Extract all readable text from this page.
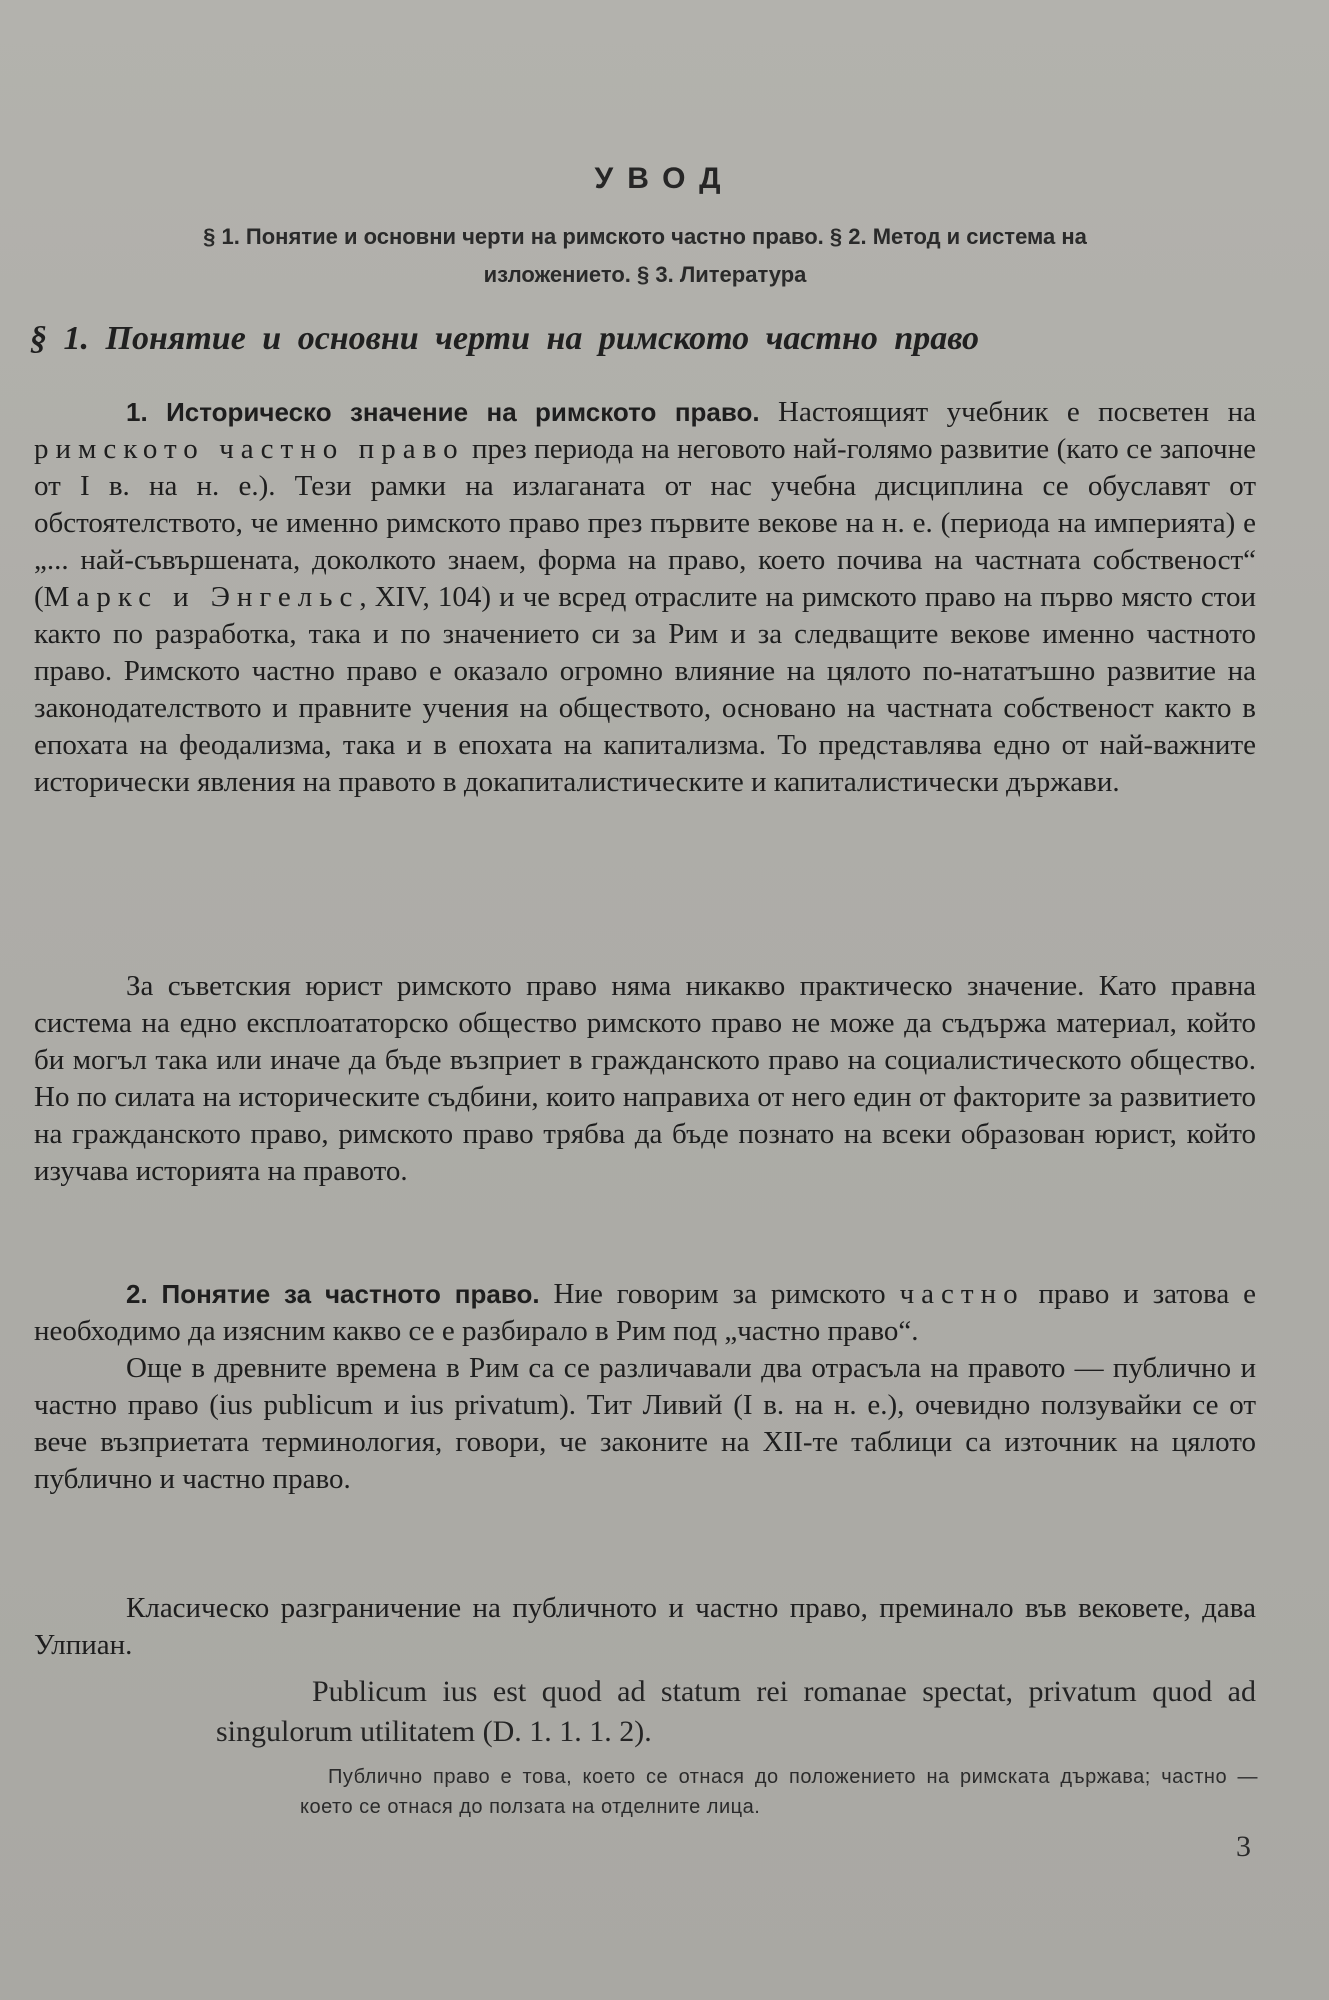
УВОД
§ 1. Понятие и основни черти на римското частно право. § 2. Метод и система на
изложението. § 3. Литература
§ 1. Понятие и основни черти на римското частно право

1. Историческо значение на римското право. Настоящият учебник е посветен на римското частно право през периода на неговото най-голямо развитие (като се започне от I в. на н. е.). Тези рамки на излаганата от нас учебна дисциплина се обуславят от обстоятелството, че именно римското право през първите векове на н. е. (периода на империята) е „... най-съвършената, доколкото знаем, форма на право, което почива на частната собственост“ (Маркс и Энгельс, XIV, 104) и че всред отраслите на римското право на първо място стои както по разработка, така и по значението си за Рим и за следващите векове именно частното право. Римското частно право е оказало огромно влияние на цялото по-нататъшно развитие на законодателството и правните учения на обществото, основано на частната собственост както в епохата на феодализма, така и в епохата на капитализма. То представлява едно от най-важните исторически явления на правото в докапиталистическите и капиталистически държави.

За съветския юрист римското право няма никакво практическо значение. Като правна система на едно експлоататорско общество римското право не може да съдържа материал, който би могъл така или иначе да бъде възприет в гражданското право на социалистическото общество. Но по силата на историческите съдбини, които направиха от него един от факторите за развитието на гражданското право, римското право трябва да бъде познато на всеки образован юрист, който изучава историята на правото.

2. Понятие за частното право. Ние говорим за римското частно право и затова е необходимо да изясним какво се е разбирало в Рим под „частно право“.

Още в древните времена в Рим са се различавали два отрасъла на правото — публично и частно право (ius publicum и ius privatum). Тит Ливий (I в. на н. е.), очевидно ползувайки се от вече възприетата терминология, говори, че законите на XII-те таблици са източник на цялото публично и частно право.

Класическо разграничение на публичното и частно право, преминало във вековете, дава Улпиан.

Publicum ius est quod ad statum rei romanae spectat, privatum quod ad singulorum utilitatem (D. 1. 1. 1. 2).

Публично право е това, което се отнася до положението на римската държава; частно — което се отнася до ползата на отделните лица.

3
